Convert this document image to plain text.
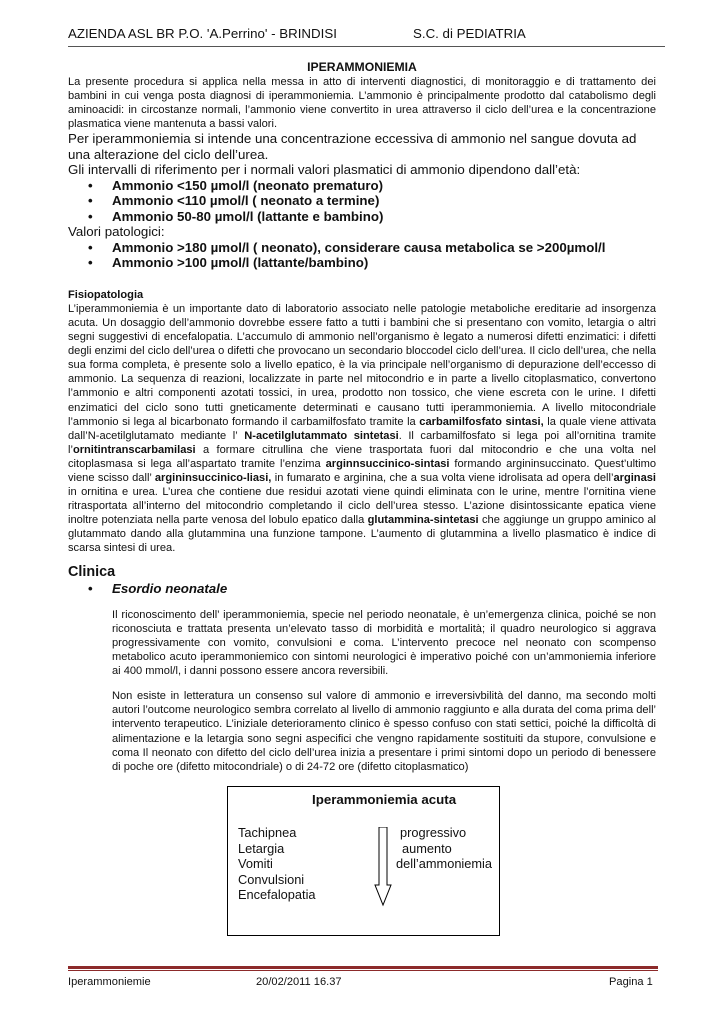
AZIENDA ASL BR P.O. 'A.Perrino' - BRINDISI	S.C. di PEDIATRIA

IPERAMMONIEMIA

La presente procedura si applica nella messa in atto di interventi diagnostici, di monitoraggio e di trattamento dei bambini in cui venga posta diagnosi di iperammoniemia. L’ammonio è principalmente prodotto dal catabolismo degli aminoacidi: in circostanze normali, l’ammonio viene convertito in urea attraverso il ciclo dell’urea e la concentrazione plasmatica viene mantenuta a bassi valori.

Per iperammoniemia si intende una concentrazione eccessiva di ammonio nel sangue dovuta ad una alterazione del ciclo dell’urea.

Gli intervalli di riferimento per i normali valori plasmatici di ammonio dipendono dall’età:

• Ammonio <150 µmol/l (neonato prematuro)
• Ammonio <110 µmol/l ( neonato a termine)
• Ammonio 50-80 µmol/l (lattante e bambino)

Valori patologici:

• Ammonio >180 µmol/l ( neonato), considerare causa metabolica se >200µmol/l
• Ammonio >100 µmol/l (lattante/bambino)

Fisiopatologia

L’iperammoniemia è un importante dato di laboratorio associato nelle patologie metaboliche ereditarie ad insorgenza acuta. Un dosaggio dell’ammonio dovrebbe essere fatto a tutti i bambini che si presentano con vomito, letargia o altri segni suggestivi di encefalopatia. L’accumulo di ammonio nell’organismo è legato a numerosi difetti enzimatici: i difetti degli enzimi del ciclo dell’urea o difetti che provocano un secondario bloccodel ciclo dell’urea. Il ciclo dell’urea, che nella sua forma completa, è presente solo a livello epatico, è la via principale nell’organismo di depurazione dell’eccesso di ammonio. La sequenza di reazioni, localizzate in parte nel mitocondrio e in parte a livello citoplasmatico, convertono l’ammonio e altri componenti azotati tossici, in urea, prodotto non tossico, che viene escreta con le urine. I difetti enzimatici del ciclo sono tutti gneticamente determinati e causano tutti iperammoniemia. A livello mitocondriale l’ammonio si lega al bicarbonato formando il carbamilfosfato tramite la carbamilfosfato sintasi, la quale viene attivata dall’N-acetilglutamato mediante l’ N-acetilglutammato sintetasi. Il carbamilfosfato si lega poi all’ornitina tramite l’ornitintranscarbamilasi a formare citrullina che viene trasportata fuori dal mitocondrio e che una volta nel citoplasmasa si lega all’aspartato tramite l’enzima arginnsuccinico-sintasi formando argininsuccinato. Quest’ultimo viene scisso dall’ argininsuccinico-liasi, in fumarato e arginina, che a sua volta viene idrolisata ad opera dell’arginasi in ornitina e urea. L’urea che contiene due residui azotati viene quindi eliminata con le urine, mentre l’ornitina viene ritrasportata all’interno del mitocondrio completando il ciclo dell’urea stesso. L’azione disintossicante epatica viene inoltre potenziata nella parte venosa del lobulo epatico dalla glutammina-sintetasi che aggiunge un gruppo aminico al glutammato dando alla glutammina una funzione tampone. L’aumento di glutammina a livello plasmatico è indice di scarsa sintesi di urea.

Clinica

• Esordio neonatale

Il riconoscimento dell’ iperammoniemia, specie nel periodo neonatale, è un’emergenza clinica, poiché se non riconosciuta e trattata presenta un’elevato tasso di morbidità e mortalità; il quadro neurologico si aggrava progressivamente con vomito, convulsioni e coma. L’intervento precoce nel neonato con scompenso metabolico acuto iperammoniemico con sintomi neurologici è imperativo poiché con un’ammoniemia inferiore ai 400 mmol/l, i danni possono essere ancora reversibili.

Non esiste in letteratura un consenso sul valore di ammonio e irreversivbilità del danno, ma secondo molti autori l’outcome neurologico sembra correlato al livello di ammonio raggiunto e alla durata del coma prima dell’ intervento terapeutico. L’iniziale deterioramento clinico è spesso confuso con stati settici, poiché la difficoltà di alimentazione e la letargia sono segni aspecifici che vengno rapidamente sostituiti da stupore, convulsione e coma Il neonato con difetto del ciclo dell’urea inizia a presentare i primi sintomi dopo un periodo di benessere di poche ore (difetto mitocondriale) o di 24-72 ore (difetto citoplasmatico)

Iperammoniemia acuta
Tachipnea
Letargia
Vomiti
Convulsioni
Encefalopatia
progressivo
aumento
dell’ammoniemia
Iperammoniemie	20/02/2011 16.37	Pagina 1
